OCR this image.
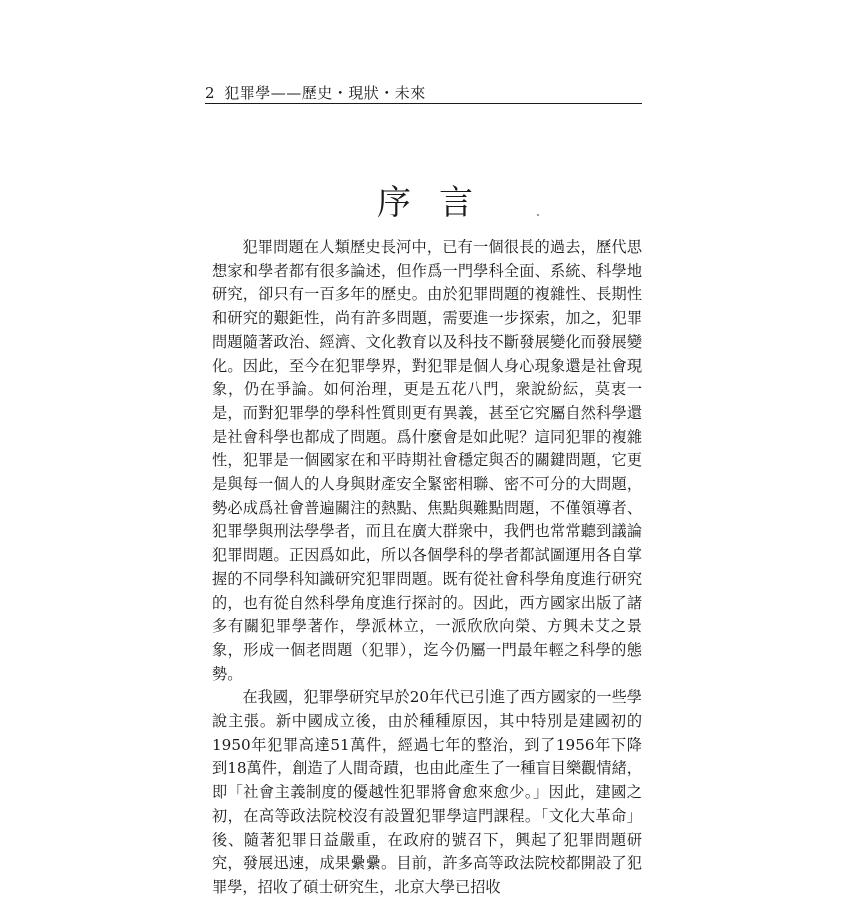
2 犯罪學——歷史・現狀・未來
序言

犯罪問題在人類歷史長河中，已有一個很長的過去，歷代思想家和學者都有很多論述，但作爲一門學科全面、系統、科學地研究，卻只有一百多年的歷史。由於犯罪問題的複雜性、長期性和研究的艱鉅性，尚有許多問題，需要進一步探索，加之，犯罪問題隨著政治、經濟、文化教育以及科技不斷發展變化而發展變化。因此，至今在犯罪學界，對犯罪是個人身心現象還是社會現象，仍在爭論。如何治理，更是五花八門，衆說紛紜，莫衷一是，而對犯罪學的學科性質則更有異義，甚至它究屬自然科學還是社會科學也都成了問題。爲什麼會是如此呢？這同犯罪的複雜性，犯罪是一個國家在和平時期社會穩定與否的關鍵問題，它更是與每一個人的人身與財產安全緊密相聯、密不可分的大問題，勢必成爲社會普遍關注的熱點、焦點與難點問題，不僅領導者、犯罪學與刑法學學者，而且在廣大群衆中，我們也常常聽到議論犯罪問題。正因爲如此，所以各個學科的學者都試圖運用各自掌握的不同學科知識研究犯罪問題。既有從社會科學角度進行研究的，也有從自然科學角度進行探討的。因此，西方國家出版了諸多有關犯罪學著作，學派林立，一派欣欣向榮、方興未艾之景象，形成一個老問題（犯罪），迄今仍屬一門最年輕之科學的態勢。

在我國，犯罪學研究早於20年代已引進了西方國家的一些學說主張。新中國成立後，由於種種原因，其中特別是建國初的1950年犯罪高達51萬件，經過七年的整治，到了1956年下降到18萬件，創造了人間奇蹟，也由此產生了一種盲目樂觀情緒，即「社會主義制度的優越性犯罪將會愈來愈少。」因此，建國之初，在高等政法院校沒有設置犯罪學這門課程。「文化大革命」後、隨著犯罪日益嚴重，在政府的號召下，興起了犯罪問題研究，發展迅速，成果纍纍。目前，許多高等政法院校都開設了犯罪學，招收了碩士研究生，北京大學已招收
